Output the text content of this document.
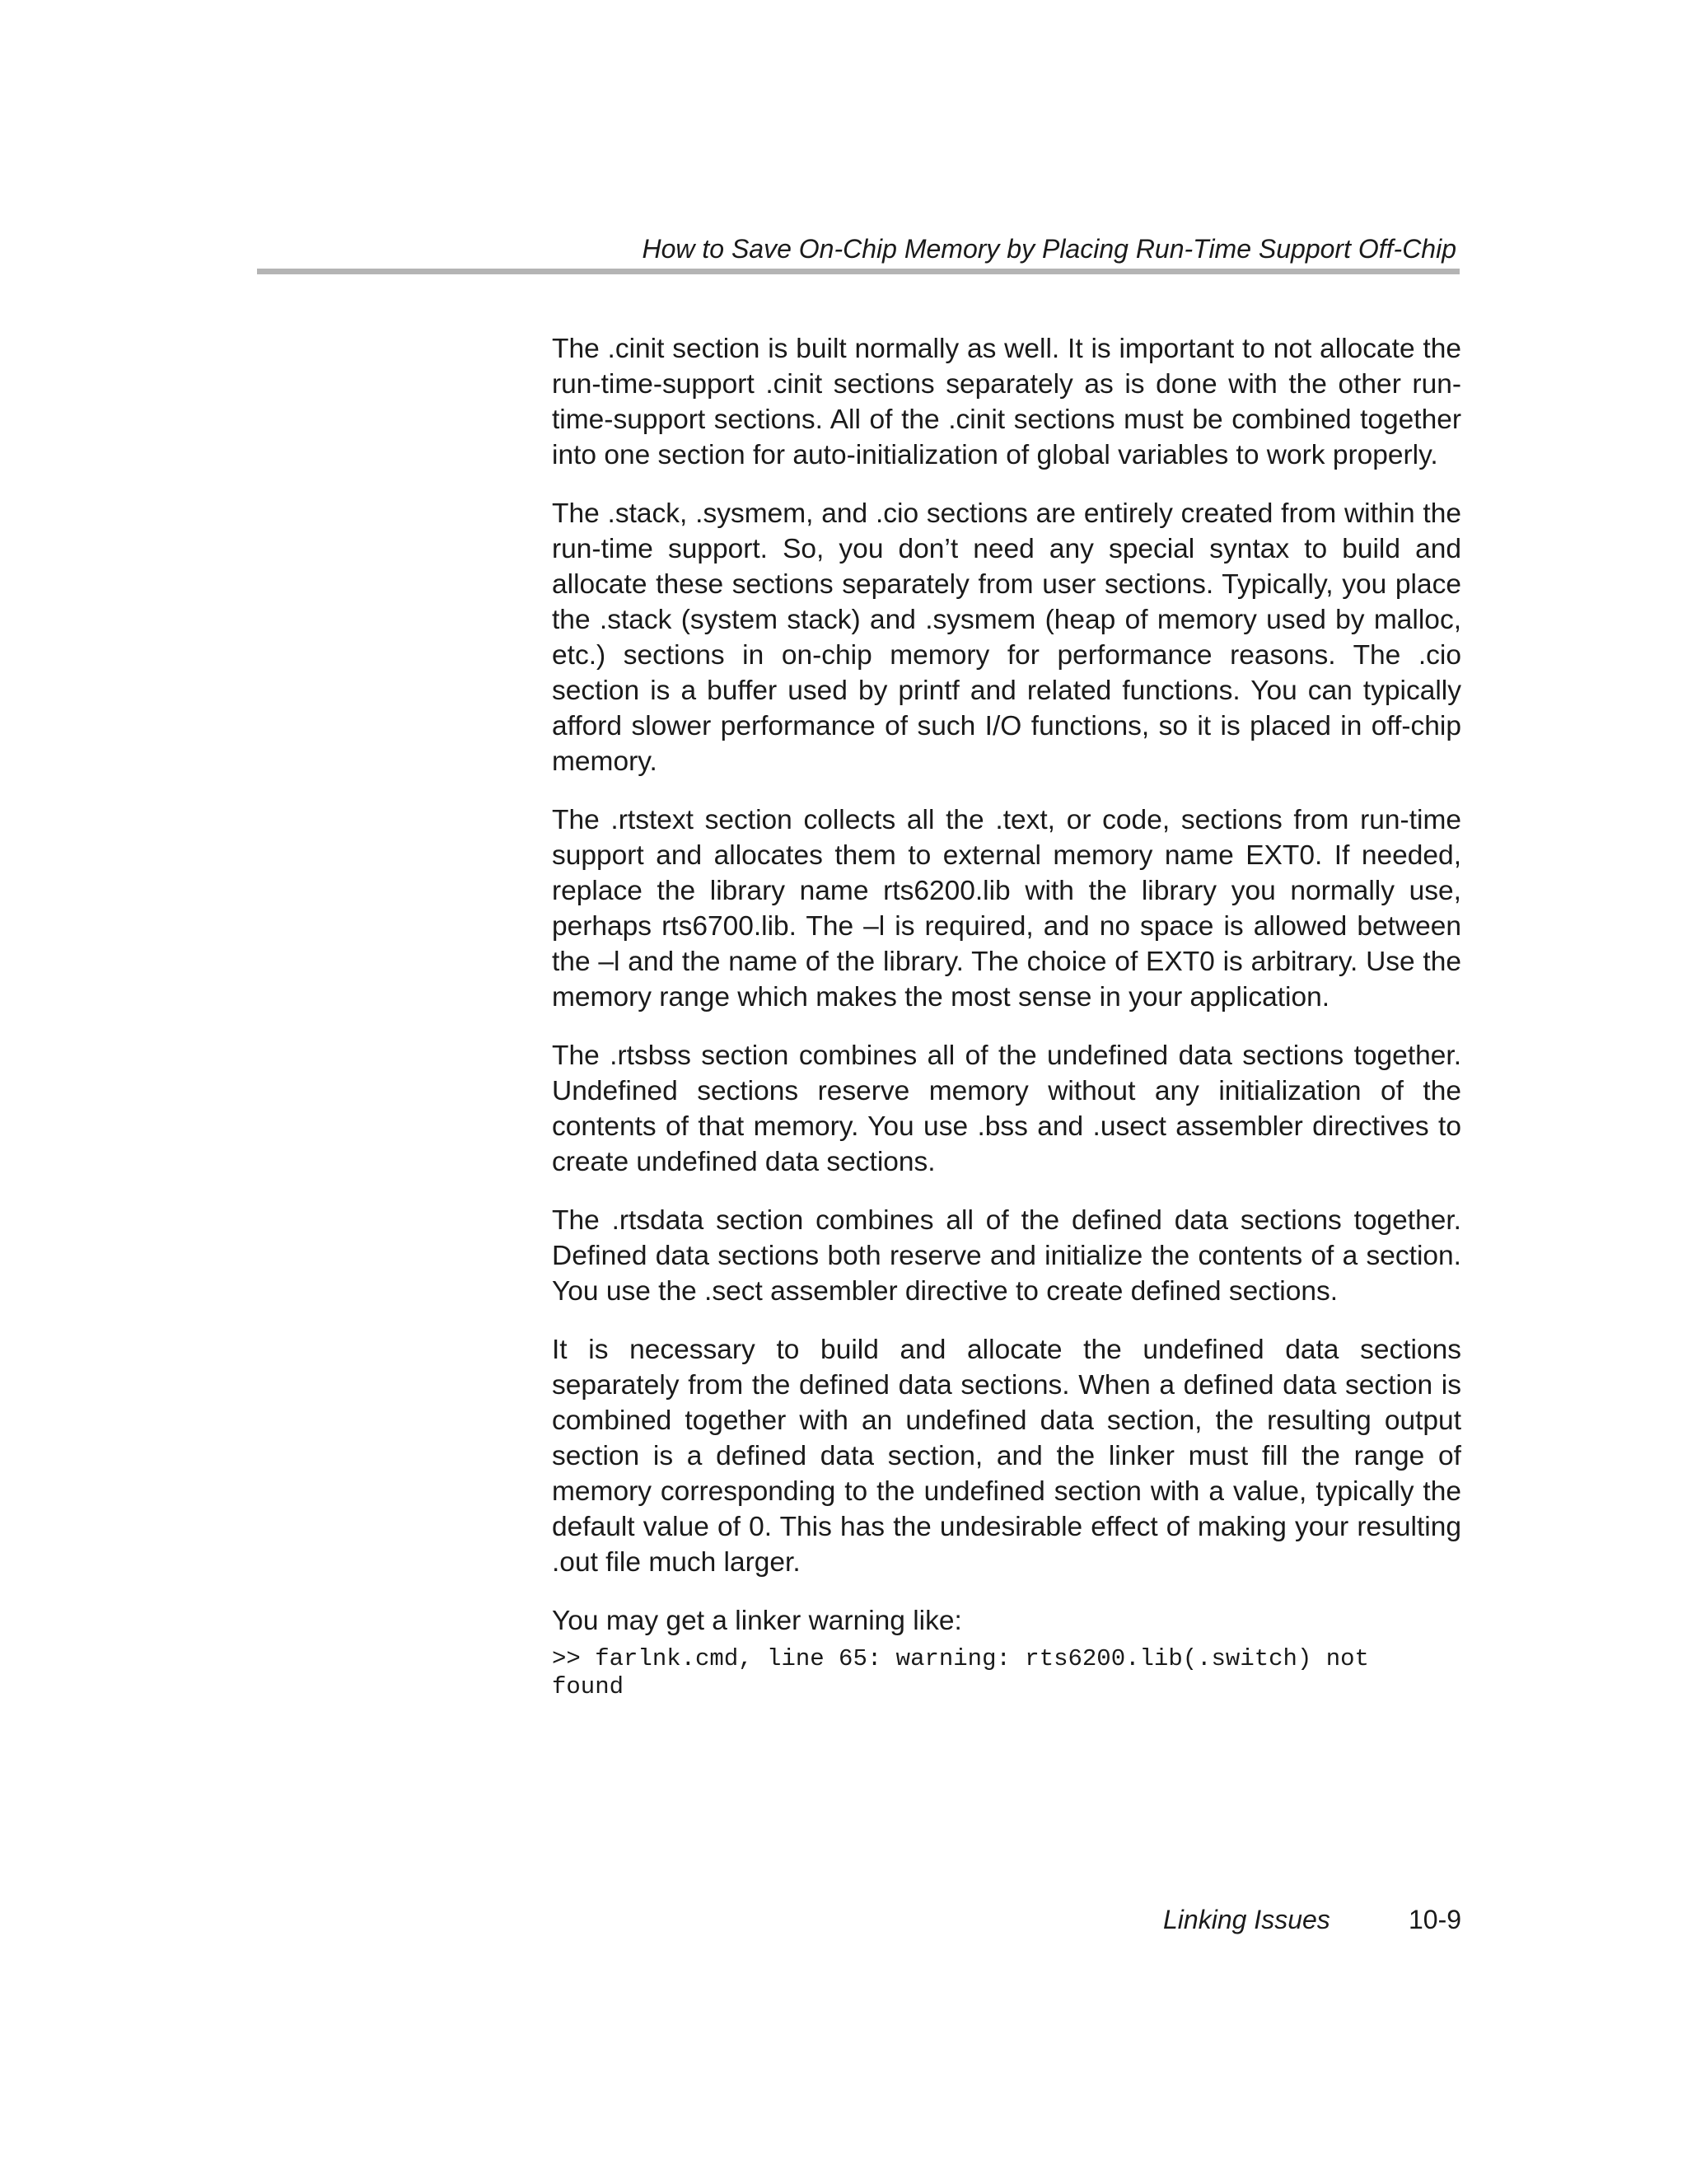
How to Save On-Chip Memory by Placing Run-Time Support Off-Chip

The .cinit section is built normally as well. It is important to not allocate the run-time-support .cinit sections separately as is done with the other run-time-support sections. All of the .cinit sections must be combined together into one section for auto-initialization of global variables to work properly.

The .stack, .sysmem, and .cio sections are entirely created from within the run-time support. So, you don’t need any special syntax to build and allocate these sections separately from user sections. Typically, you place the .stack (system stack) and .sysmem (heap of memory used by malloc, etc.) sections in on-chip memory for performance reasons. The .cio section is a buffer used by printf and related functions. You can typically afford slower performance of such I/O functions, so it is placed in off-chip memory.

The .rtstext section collects all the .text, or code, sections from run-time support and allocates them to external memory name EXT0. If needed, replace the library name rts6200.lib with the library you normally use, perhaps rts6700.lib. The –l is required, and no space is allowed between the –l and the name of the library. The choice of EXT0 is arbitrary. Use the memory range which makes the most sense in your application.

The .rtsbss section combines all of the undefined data sections together. Undefined sections reserve memory without any initialization of the contents of that memory. You use .bss and .usect assembler directives to create undefined data sections.

The .rtsdata section combines all of the defined data sections together. Defined data sections both reserve and initialize the contents of a section. You use the .sect assembler directive to create defined sections.

It is necessary to build and allocate the undefined data sections separately from the defined data sections. When a defined data section is combined together with an undefined data section, the resulting output section is a defined data section, and the linker must fill the range of memory corresponding to the undefined section with a value, typically the default value of 0. This has the undesirable effect of making your resulting .out file much larger.

You may get a linker warning like:

>> farlnk.cmd, line 65: warning: rts6200.lib(.switch) not
found
Linking Issues	10-9
